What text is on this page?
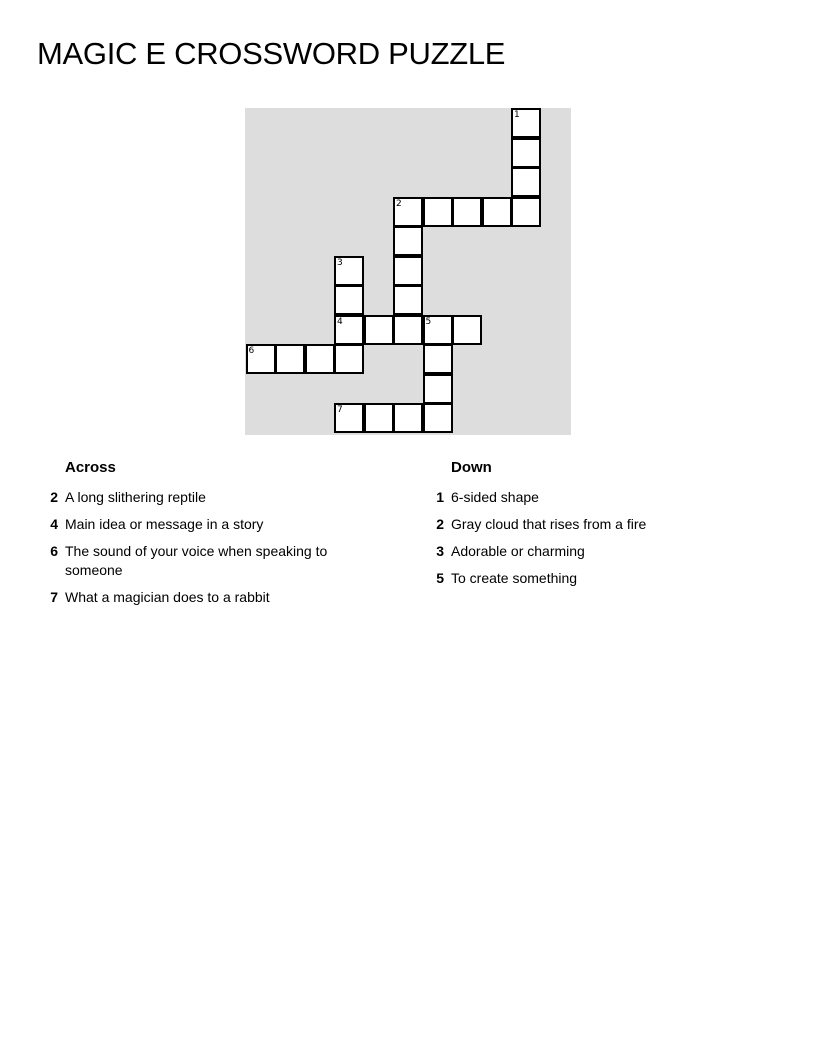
MAGIC E CROSSWORD PUZZLE
1
2
3
4	5
6
7
Across
2 A long slithering reptile
4 Main idea or message in a story
6 The sound of your voice when speaking to someone
7 What a magician does to a rabbit
Down
1 6-sided shape
2 Gray cloud that rises from a fire
3 Adorable or charming
5 To create something
